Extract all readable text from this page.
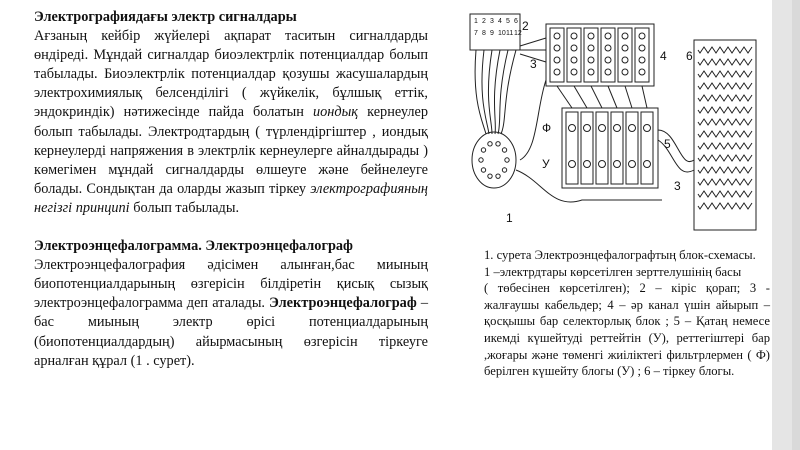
Электрографиядағы электр сигналдары

Ағзаның кейбір жүйелері ақпарат таситын сигналдарды өндіреді. Мұндай сигналдар биоэлектрлік потенциалдар болып табылады. Биоэлектрлік потенциалдар қозушы жасушалардың электрохимиялық белсенділігі ( жүйкелік, бұлшық еттік, эндокриндік) нәтижесінде пайда болатын иондық кернеулер болып табылады. Электродтардың ( түрлендіргіштер , иондық кернеулерді напряжения в электрлік кернеулерге айналдырады ) көмегімен мұндай сигналдарды өлшеуге және бейнелеуге болады. Сондықтан да оларды жазып тіркеу электрографияның негізгі принципі болып табылады.

Электроэнцефалограмма. Электроэнцефалограф

Электроэнцефалография әдісімен алынған,бас миының биопотенциалдарының өзгерісін білдіретін қисық сызық электроэнцефалограмма деп аталады. Электроэнцефалограф –бас миының электр өрісі потенциалдарының (биопотенциалдардың) айырмасының өзгерісін тіркеуге арналған құрал (1 . сурет).

1 2 3 4 5 6
7 8 9 10 11 12
1
2
3
4
Ф
У
5
3
6

1. сурета Электроэнцефалографтың блок-схемасы.

1 –электрдтары көрсетілген зерттелушінің басы

( төбесінен көрсетілген); 2 – кіріс қорап; 3 - жалғаушы кабельдер; 4 – әр канал үшін айырып –қосқышы бар селекторлық блок ; 5 – Қатаң немесе икемді күшейтуді реттейтін (У), реттегіштері бар ,жоғары және төменгі жиіліктегі фильтрлермен ( Ф) берілген күшейту блогы (У) ; 6 – тіркеу блогы.
